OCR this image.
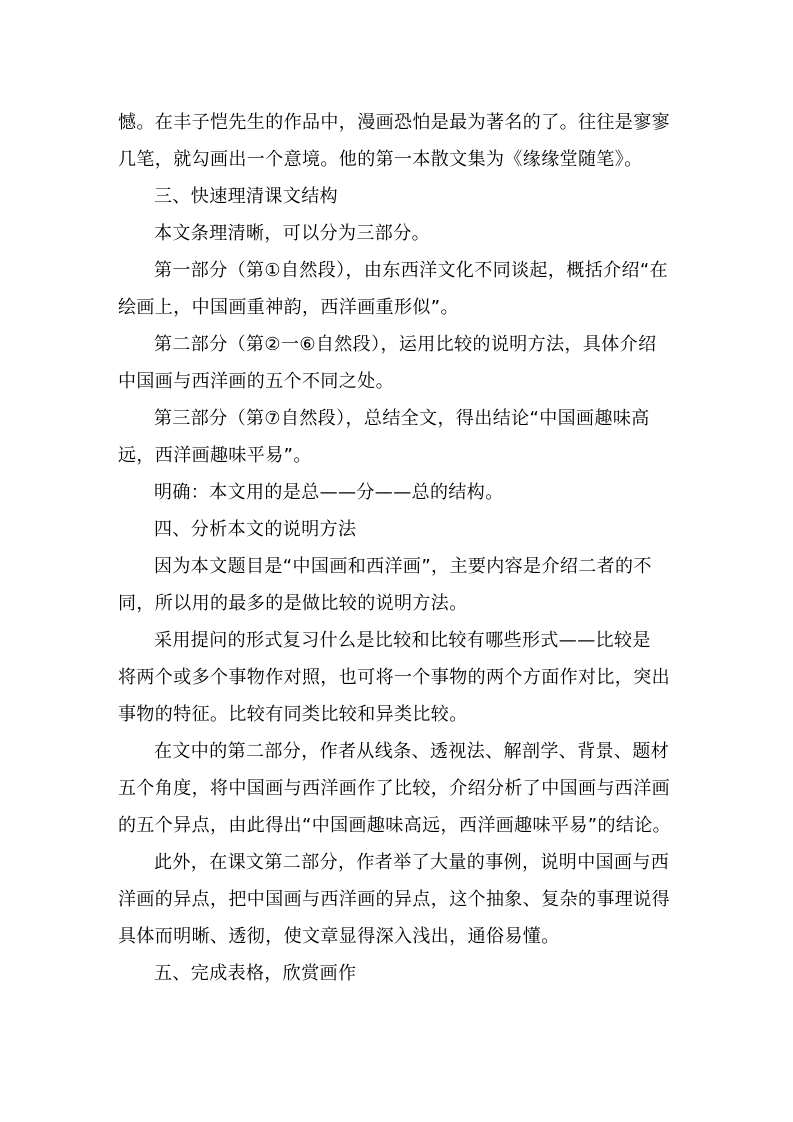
憾。在丰子恺先生的作品中，漫画恐怕是最为著名的了。往往是寥寥
几笔，就勾画出一个意境。他的第一本散文集为《缘缘堂随笔》。
三、快速理清课文结构
本文条理清晰，可以分为三部分。
第一部分（第①自然段），由东西洋文化不同谈起，概括介绍“在
绘画上，中国画重神韵，西洋画重形似”。
第二部分（第②一⑥自然段），运用比较的说明方法，具体介绍
中国画与西洋画的五个不同之处。
第三部分（第⑦自然段），总结全文，得出结论“中国画趣味高
远，西洋画趣味平易”。
明确：本文用的是总——分——总的结构。
四、分析本文的说明方法
因为本文题目是“中国画和西洋画”，主要内容是介绍二者的不
同，所以用的最多的是做比较的说明方法。
采用提问的形式复习什么是比较和比较有哪些形式——比较是
将两个或多个事物作对照，也可将一个事物的两个方面作对比，突出
事物的特征。比较有同类比较和异类比较。
在文中的第二部分，作者从线条、透视法、解剖学、背景、题材
五个角度，将中国画与西洋画作了比较，介绍分析了中国画与西洋画
的五个异点，由此得出“中国画趣味高远，西洋画趣味平易”的结论。
此外，在课文第二部分，作者举了大量的事例，说明中国画与西
洋画的异点，把中国画与西洋画的异点，这个抽象、复杂的事理说得
具体而明晰、透彻，使文章显得深入浅出，通俗易懂。
五、完成表格，欣赏画作
